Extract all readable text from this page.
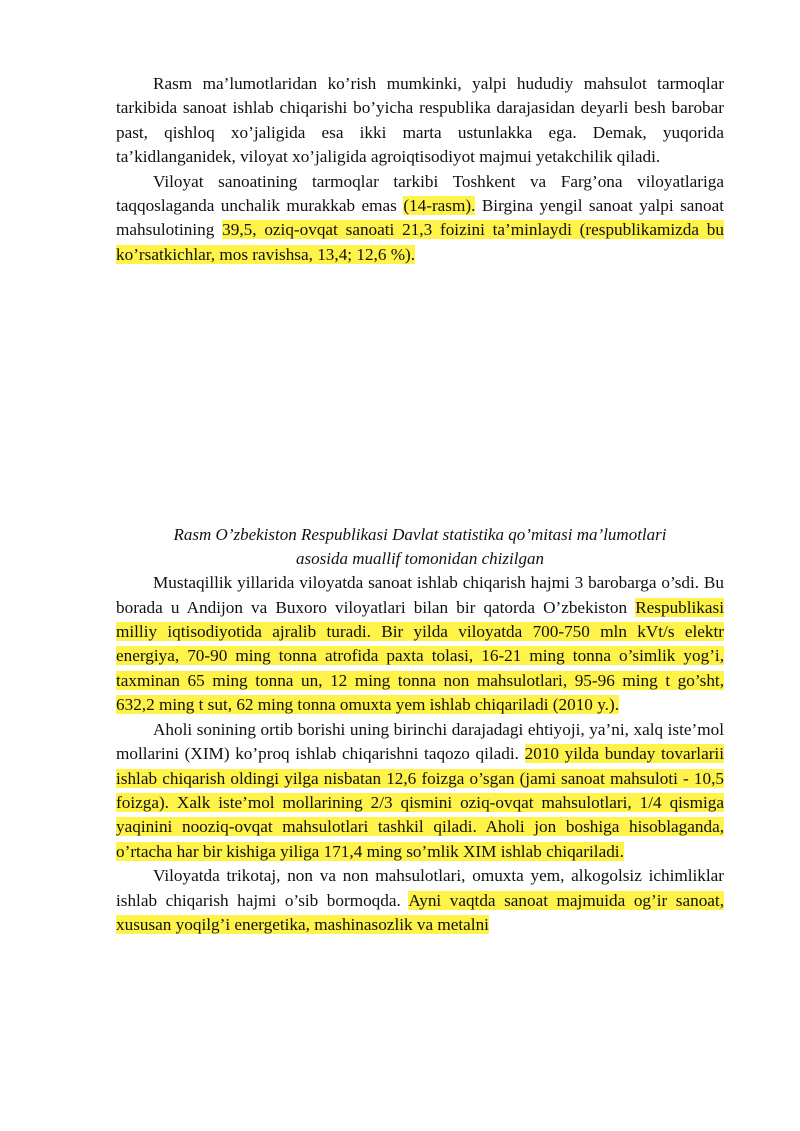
Rasm ma’lumotlaridan ko’rish mumkinki, yalpi hududiy mahsulot tarmoqlar tarkibida sanoat ishlab chiqarishi bo’yicha respublika darajasidan deyarli besh barobar past, qishloq xo’jaligida esa ikki marta ustunlakka ega. Demak, yuqorida ta’kidlanganidek, viloyat xo’jaligida agroiqtisodiyot majmui yetakchilik qiladi.

Viloyat sanoatining tarmoqlar tarkibi Toshkent va Farg’ona viloyatlariga taqqoslaganda unchalik murakkab emas (14-rasm). Birgina yengil sanoat yalpi sanoat mahsulotining 39,5, oziq-ovqat sanoati 21,3 foizini ta’minlaydi (respublikamizda bu ko’rsatkichlar, mos ravishsa, 13,4; 12,6 %).

Rasm O’zbekiston Respublikasi Davlat statistika qo’mitasi ma’lumotlari
asosida muallif tomonidan chizilgan

Mustaqillik yillarida viloyatda sanoat ishlab chiqarish hajmi 3 barobarga o’sdi. Bu borada u Andijon va Buxoro viloyatlari bilan bir qatorda O’zbekiston Respublikasi milliy iqtisodiyotida ajralib turadi. Bir yilda viloyatda 700-750 mln kVt/s elektr energiya, 70-90 ming tonna atrofida paxta tolasi, 16-21 ming tonna o’simlik yog’i, taxminan 65 ming tonna un, 12 ming tonna non mahsulotlari, 95-96 ming t go’sht, 632,2 ming t sut, 62 ming tonna omuxta yem ishlab chiqariladi (2010 y.).

Aholi sonining ortib borishi uning birinchi darajadagi ehtiyoji, ya’ni, xalq iste’mol mollarini (XIM) ko’proq ishlab chiqarishni taqozo qiladi. 2010 yilda bunday tovarlarii ishlab chiqarish oldingi yilga nisbatan 12,6 foizga o’sgan (jami sanoat mahsuloti - 10,5 foizga). Xalk iste’mol mollarining 2/3 qismini oziq-ovqat mahsulotlari, 1/4 qismiga yaqinini nooziq-ovqat mahsulotlari tashkil qiladi. Aholi jon boshiga hisoblaganda, o’rtacha har bir kishiga yiliga 171,4 ming so’mlik XIM ishlab chiqariladi.

Viloyatda trikotaj, non va non mahsulotlari, omuxta yem, alkogolsiz ichimliklar ishlab chiqarish hajmi o’sib bormoqda. Ayni vaqtda sanoat majmuida og’ir sanoat, xususan yoqilg’i energetika, mashinasozlik va metalni
